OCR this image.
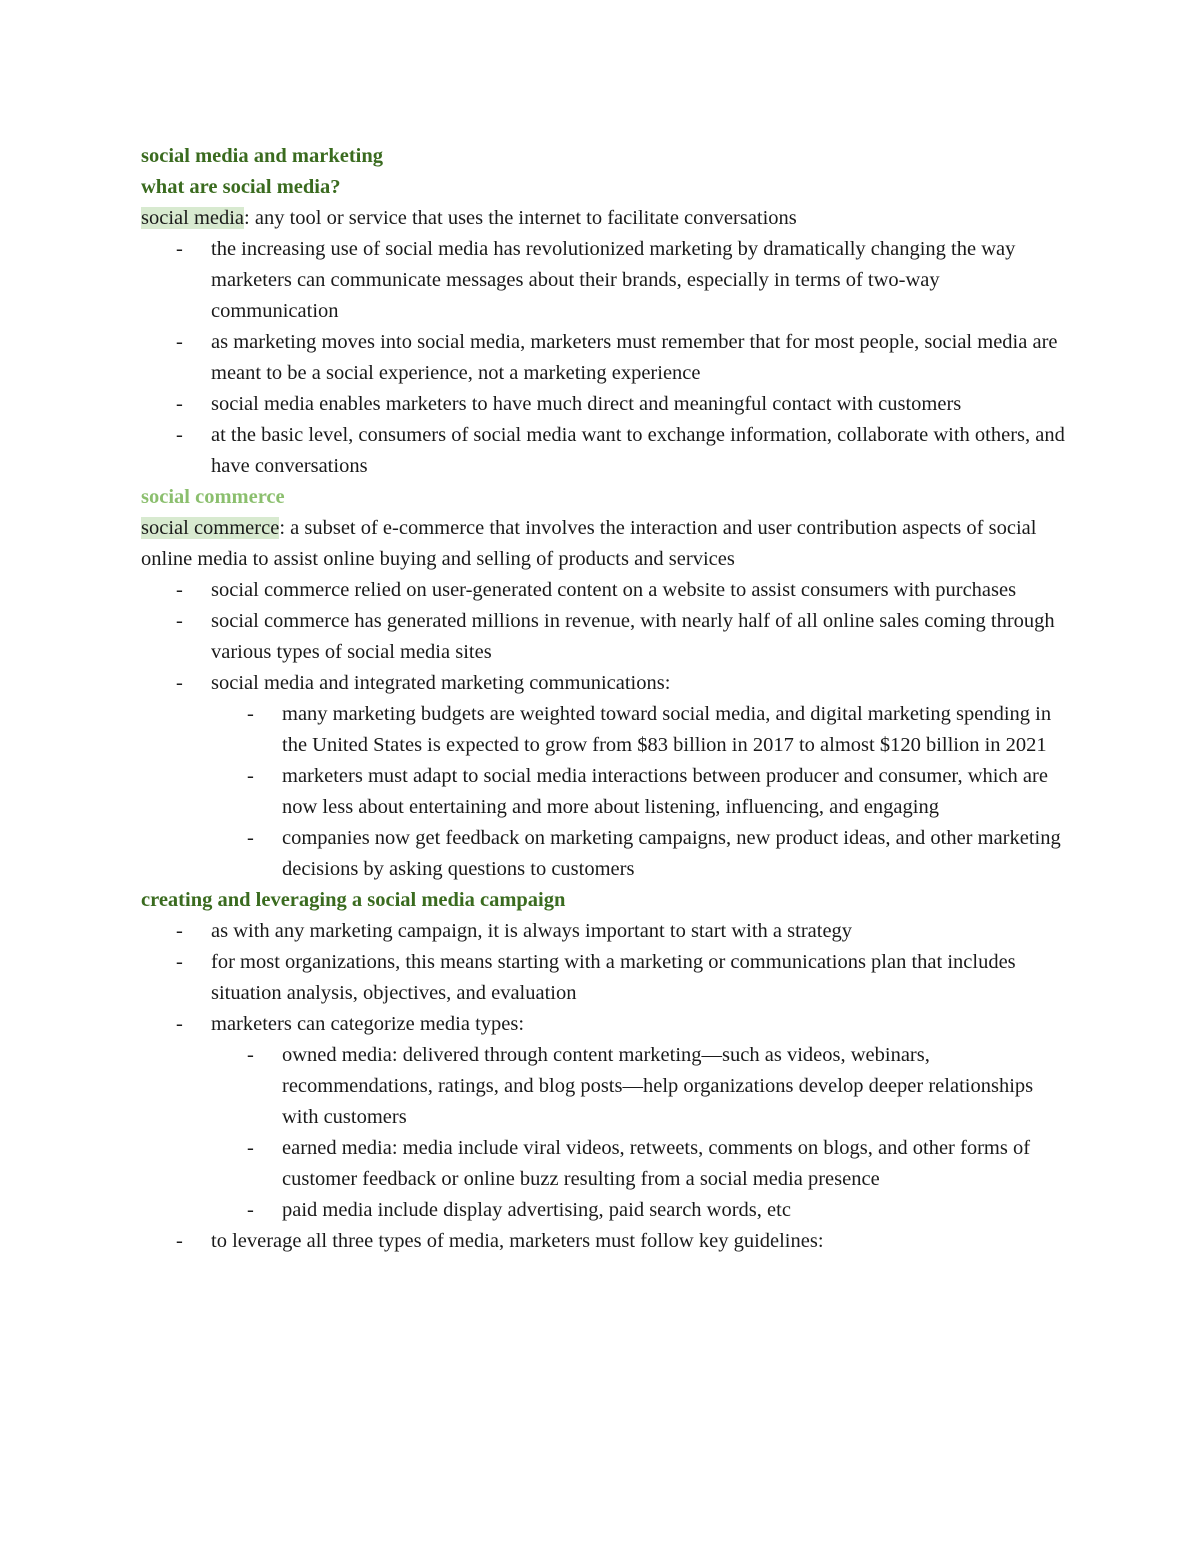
social media and marketing

what are social media?

social media: any tool or service that uses the internet to facilitate conversations

- the increasing use of social media has revolutionized marketing by dramatically changing the way marketers can communicate messages about their brands, especially in terms of two-way communication
- as marketing moves into social media, marketers must remember that for most people, social media are meant to be a social experience, not a marketing experience
- social media enables marketers to have much direct and meaningful contact with customers
- at the basic level, consumers of social media want to exchange information, collaborate with others, and have conversations

social commerce

social commerce: a subset of e-commerce that involves the interaction and user contribution aspects of social online media to assist online buying and selling of products and services

- social commerce relied on user-generated content on a website to assist consumers with purchases
- social commerce has generated millions in revenue, with nearly half of all online sales coming through various types of social media sites
- social media and integrated marketing communications:
- many marketing budgets are weighted toward social media, and digital marketing spending in the United States is expected to grow from $83 billion in 2017 to almost $120 billion in 2021
- marketers must adapt to social media interactions between producer and consumer, which are now less about entertaining and more about listening, influencing, and engaging
- companies now get feedback on marketing campaigns, new product ideas, and other marketing decisions by asking questions to customers

creating and leveraging a social media campaign

- as with any marketing campaign, it is always important to start with a strategy
- for most organizations, this means starting with a marketing or communications plan that includes situation analysis, objectives, and evaluation
- marketers can categorize media types:
- owned media: delivered through content marketing—such as videos, webinars, recommendations, ratings, and blog posts—help organizations develop deeper relationships with customers
- earned media: media include viral videos, retweets, comments on blogs, and other forms of customer feedback or online buzz resulting from a social media presence
- paid media include display advertising, paid search words, etc
- to leverage all three types of media, marketers must follow key guidelines:
